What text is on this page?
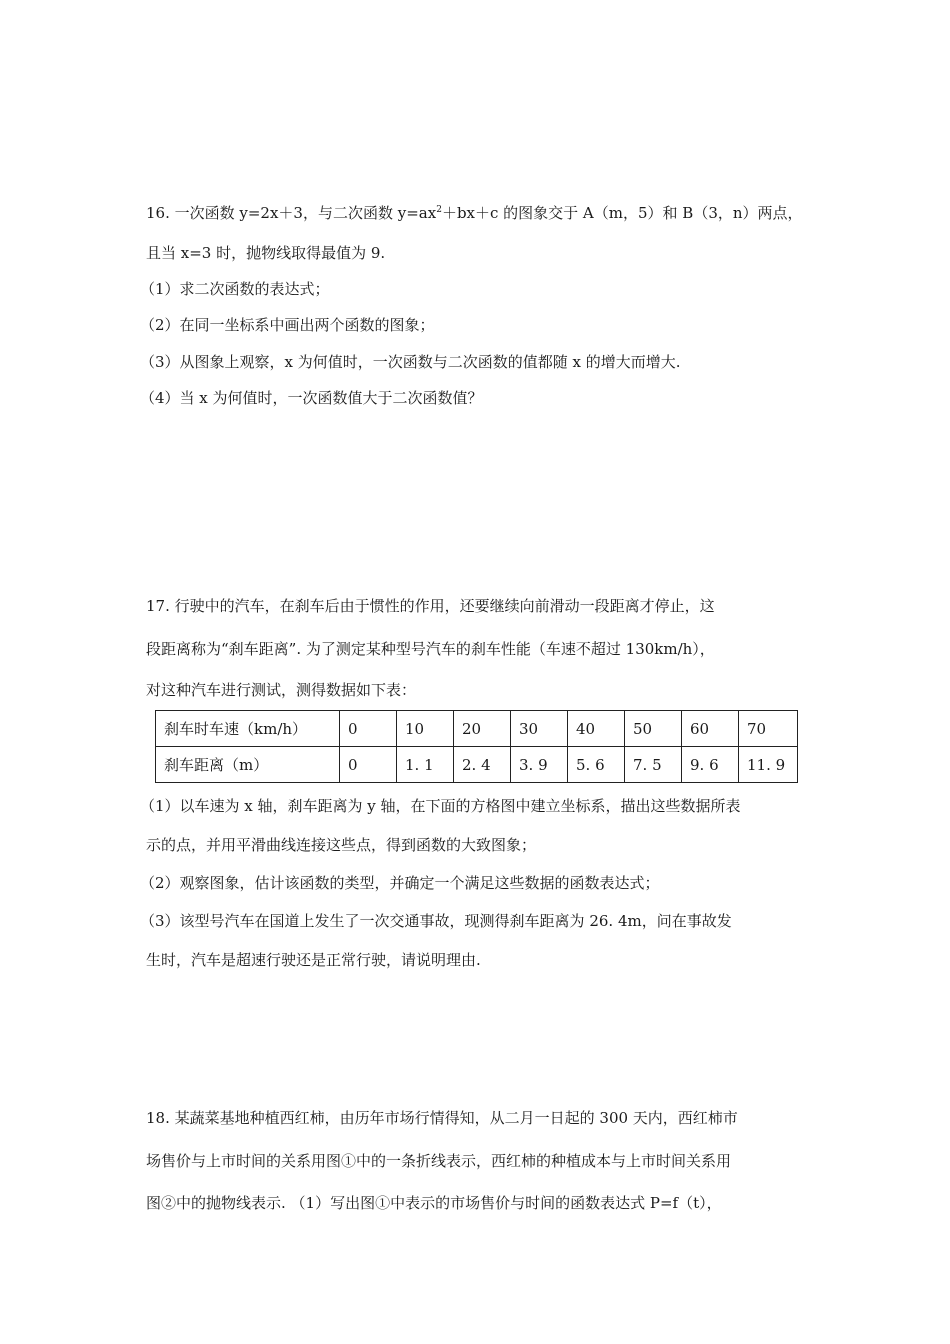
16. 一次函数 y=2x＋3，与二次函数 $y=ax^2+bx+c$ 的图象交于 A（m，5）和 B（3，n）两点，
且当 x=3 时，抛物线取得最值为 9.
（1）求二次函数的表达式；
（2）在同一坐标系中画出两个函数的图象；
（3）从图象上观察，x 为何值时，一次函数与二次函数的值都随 x 的增大而增大.
（4）当 x 为何值时，一次函数值大于二次函数值？
17. 行驶中的汽车，在刹车后由于惯性的作用，还要继续向前滑动一段距离才停止，这
段距离称为“刹车距离”. 为了测定某种型号汽车的刹车性能（车速不超过 130km/h），
对这种汽车进行测试，测得数据如下表：
刹车时车速（km/h）	0	10	20	30	40	50	60	70
刹车距离（m）	0	1. 1	2. 4	3. 9	5. 6	7. 5	9. 6	11. 9
（1）以车速为 x 轴，刹车距离为 y 轴，在下面的方格图中建立坐标系，描出这些数据所表
示的点，并用平滑曲线连接这些点，得到函数的大致图象；
（2）观察图象，估计该函数的类型，并确定一个满足这些数据的函数表达式；
（3）该型号汽车在国道上发生了一次交通事故，现测得刹车距离为 26. 4m，问在事故发
生时，汽车是超速行驶还是正常行驶，请说明理由.
18. 某蔬菜基地种植西红柿，由历年市场行情得知，从二月一日起的 300 天内，西红柿市
场售价与上市时间的关系用图①中的一条折线表示，西红柿的种植成本与上市时间关系用
图②中的抛物线表示. （1）写出图①中表示的市场售价与时间的函数表达式 P=f（t），
